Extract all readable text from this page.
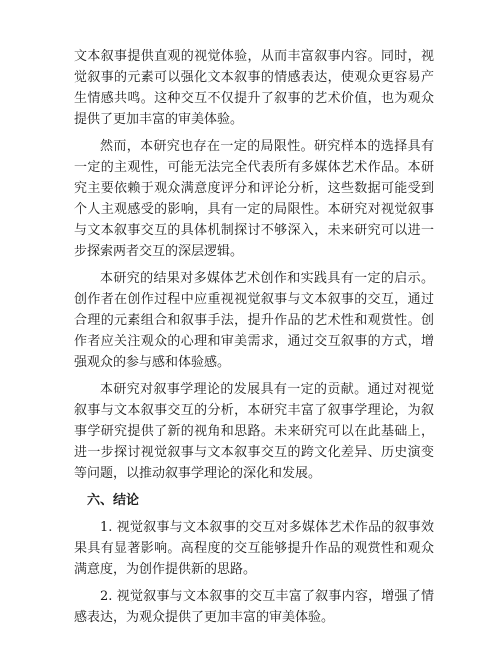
文本叙事提供直观的视觉体验，从而丰富叙事内容。同时，视觉叙事的元素可以强化文本叙事的情感表达，使观众更容易产生情感共鸣。这种交互不仅提升了叙事的艺术价值，也为观众提供了更加丰富的审美体验。

然而，本研究也存在一定的局限性。研究样本的选择具有一定的主观性，可能无法完全代表所有多媒体艺术作品。本研究主要依赖于观众满意度评分和评论分析，这些数据可能受到个人主观感受的影响，具有一定的局限性。本研究对视觉叙事与文本叙事交互的具体机制探讨不够深入，未来研究可以进一步探索两者交互的深层逻辑。

本研究的结果对多媒体艺术创作和实践具有一定的启示。创作者在创作过程中应重视视觉叙事与文本叙事的交互，通过合理的元素组合和叙事手法，提升作品的艺术性和观赏性。创作者应关注观众的心理和审美需求，通过交互叙事的方式，增强观众的参与感和体验感。

本研究对叙事学理论的发展具有一定的贡献。通过对视觉叙事与文本叙事交互的分析，本研究丰富了叙事学理论，为叙事学研究提供了新的视角和思路。未来研究可以在此基础上，进一步探讨视觉叙事与文本叙事交互的跨文化差异、历史演变等问题，以推动叙事学理论的深化和发展。

六、结论

1. 视觉叙事与文本叙事的交互对多媒体艺术作品的叙事效果具有显著影响。高程度的交互能够提升作品的观赏性和观众满意度，为创作提供新的思路。

2. 视觉叙事与文本叙事的交互丰富了叙事内容，增强了情感表达，为观众提供了更加丰富的审美体验。
